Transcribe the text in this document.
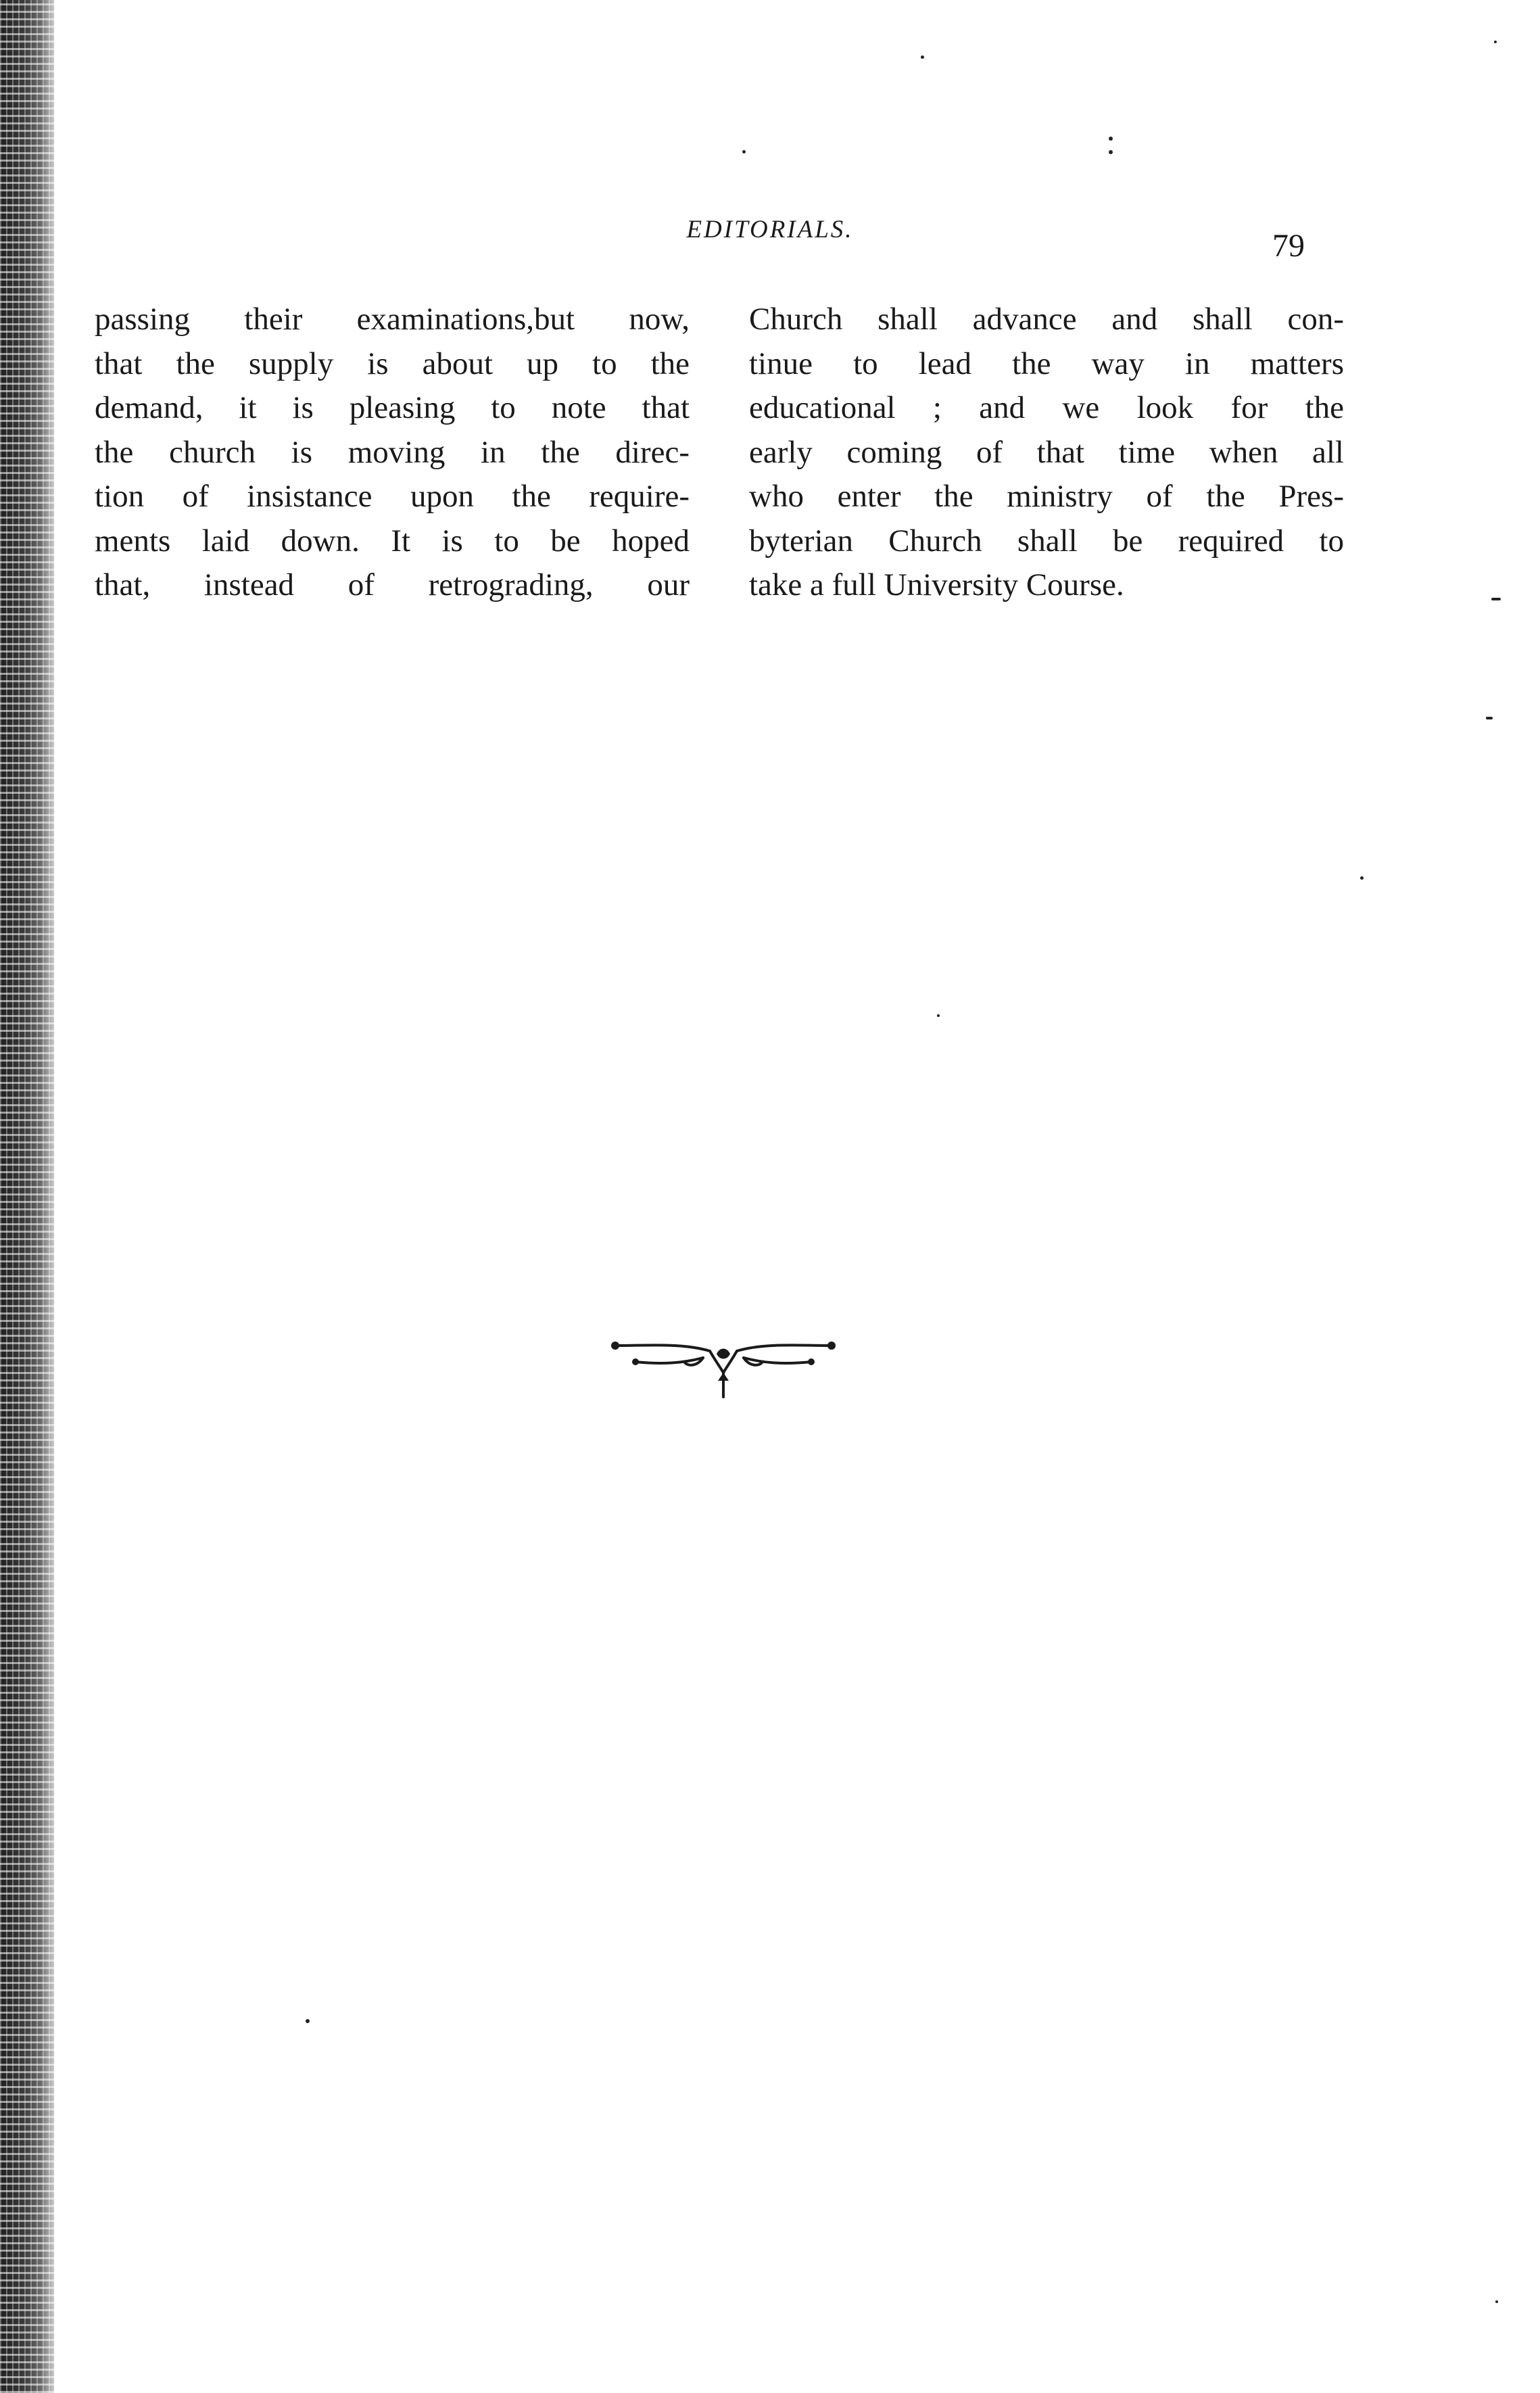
EDITORIALS.	79
passing their examinations,but now,
that the supply is about up to the
demand, it is pleasing to note that
the church is moving in the direc-
tion of insistance upon the require-
ments laid down. It is to be hoped
that, instead of retrograding, our
Church shall advance and shall con-
tinue to lead the way in matters
educational ; and we look for the
early coming of that time when all
who enter the ministry of the Pres-
byterian Church shall be required to
take a full University Course.
